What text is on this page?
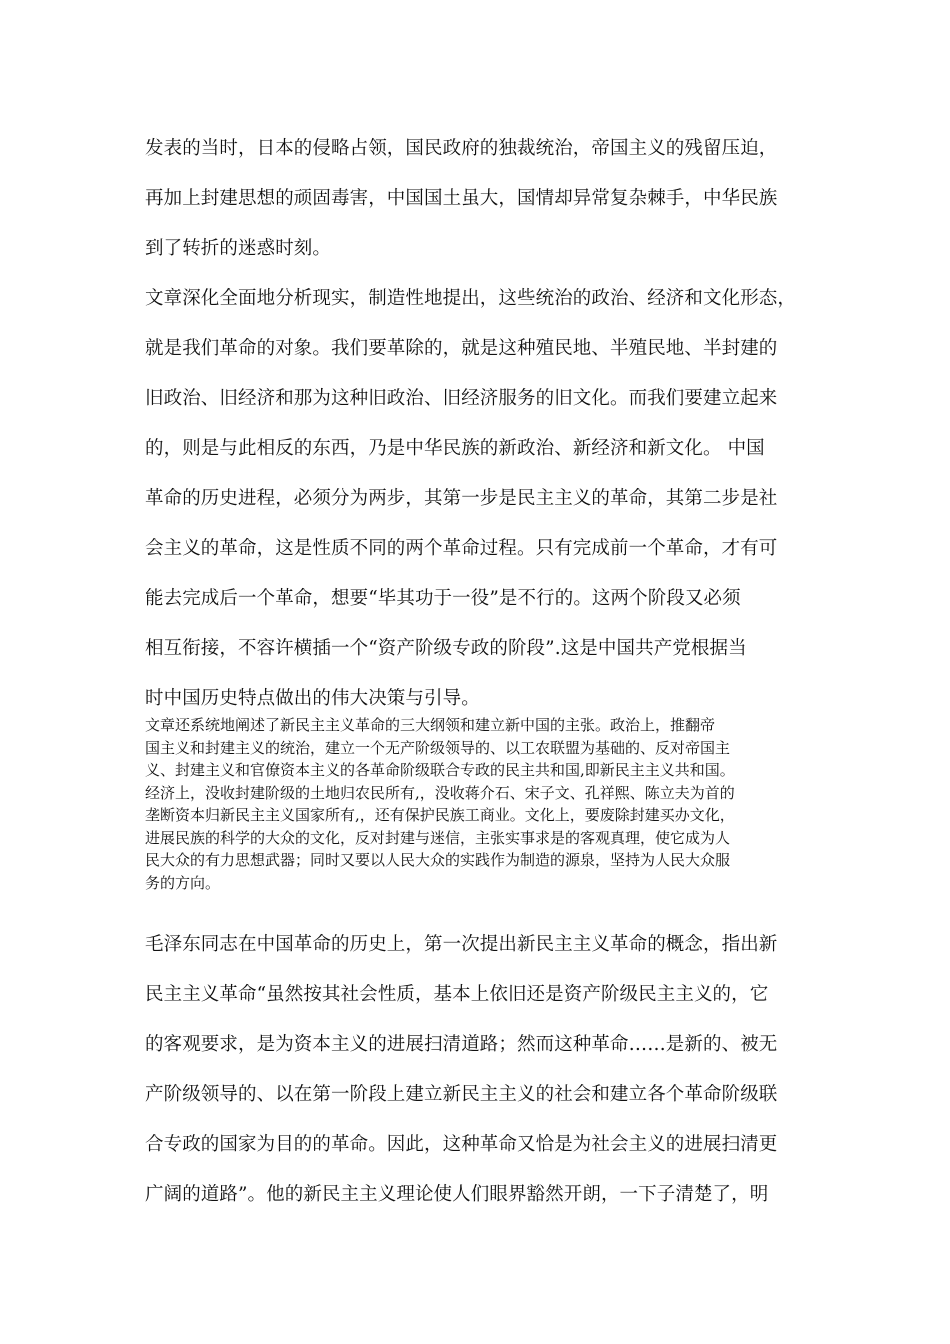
发表的当时，日本的侵略占领，国民政府的独裁统治，帝国主义的残留压迫，
再加上封建思想的顽固毒害，中国国土虽大，国情却异常复杂棘手，中华民族
到了转折的迷惑时刻。
文章深化全面地分析现实，制造性地提出，这些统治的政治、经济和文化形态，
就是我们革命的对象。我们要革除的，就是这种殖民地、半殖民地、半封建的
旧政治、旧经济和那为这种旧政治、旧经济服务的旧文化。而我们要建立起来
的，则是与此相反的东西，乃是中华民族的新政治、新经济和新文化。 中国
革命的历史进程，必须分为两步，其第一步是民主主义的革命，其第二步是社
会主义的革命，这是性质不同的两个革命过程。只有完成前一个革命，才有可
能去完成后一个革命，想要“毕其功于一役”是不行的。这两个阶段又必须
相互衔接，不容许横插一个“资产阶级专政的阶段”.这是中国共产党根据当
时中国历史特点做出的伟大决策与引导。
文章还系统地阐述了新民主主义革命的三大纲领和建立新中国的主张。政治上，推翻帝
国主义和封建主义的统治，建立一个无产阶级领导的、以工农联盟为基础的、反对帝国主
义、封建主义和官僚资本主义的各革命阶级联合专政的民主共和国,即新民主主义共和国。
经济上，没收封建阶级的土地归农民所有,，没收蒋介石、宋子文、孔祥熙、陈立夫为首的
垄断资本归新民主主义国家所有,，还有保护民族工商业。文化上，要废除封建买办文化，
进展民族的科学的大众的文化，反对封建与迷信，主张实事求是的客观真理，使它成为人
民大众的有力思想武器；同时又要以人民大众的实践作为制造的源泉，坚持为人民大众服
务的方向。
毛泽东同志在中国革命的历史上，第一次提出新民主主义革命的概念，指出新
民主主义革命“虽然按其社会性质，基本上依旧还是资产阶级民主主义的，它
的客观要求，是为资本主义的进展扫清道路；然而这种革命……是新的、被无
产阶级领导的、以在第一阶段上建立新民主主义的社会和建立各个革命阶级联
合专政的国家为目的的革命。因此，这种革命又恰是为社会主义的进展扫清更
广阔的道路”。他的新民主主义理论使人们眼界豁然开朗，一下子清楚了，明
